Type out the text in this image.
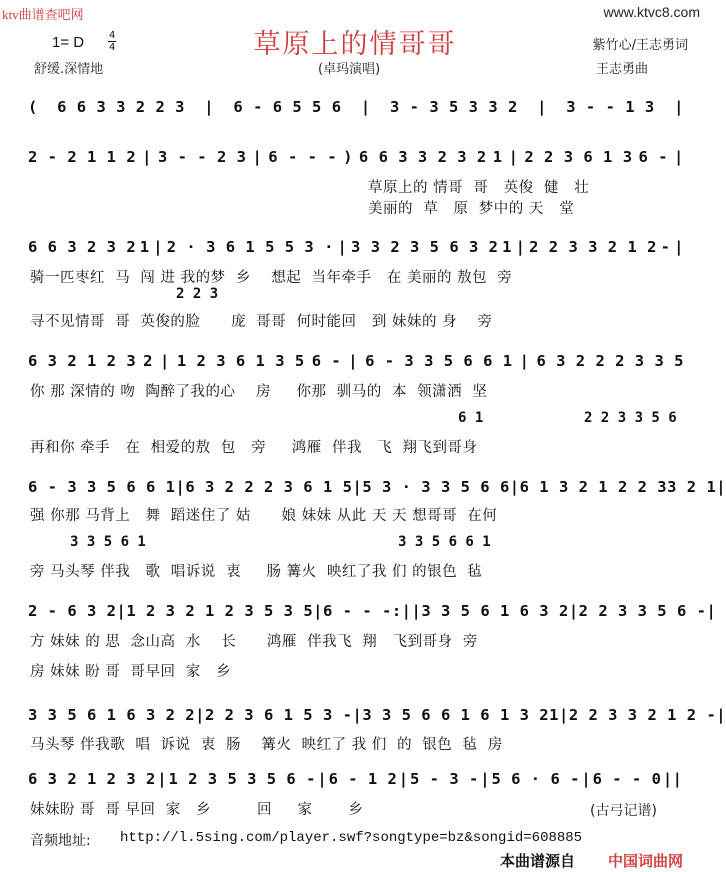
ktv曲谱查吧网	www.ktvc8.com
草原上的情哥哥
1= D $\frac{4}{4}$
舒缓.深情地	(卓玛演唱)
紫竹心/王志勇词
王志勇曲
( 6 6 3 3 2 2 3 | 6 - 6 5 5 6 | 3 - 3 5 3 3 2 | 3 - - 1 3 |
2 - 2 1 1 2 | 3 - - 2 3 | 6 - - - ) 6 6 3 3 2 3 2 1 | 2 2 3 6 1 3 6 - |
草原上的 情哥  哥   英俊  健   壮
美丽的  草   原  梦中的 天   堂
6 6 3 2 3 2 1 | 2 · 3 6 1 5 5 3 · | 3 3 2 3 5 6 3 2 1 | 2 2 3 3 2 1 2 - |
骑一匹枣红  马  闯 进 我的梦  乡    想起  当年牵手   在 美丽的 敖包  旁
2 2 3
寻不见情哥  哥  英俊的脸      庞  哥哥  何时能回   到 妹妹的 身    旁
6 3 2 1 2 3 2 | 1 2 3 6 1 3 5 6 - | 6 - 3 3 5 6 6 1 | 6 3 2 2 2 3 3 5
你 那 深情的 吻  陶醉了我的心    房     你那  驯马的  本  领潇洒  坚
6 1	2 2 3 3 5 6
再和你 牵手   在  相爱的敖  包   旁     鸿雁  伴我   飞  翔飞到哥身
6 - 3 3 5 6 6 1 | 6 3 2 2 2 3 6 1 5 | 5 3 · 3 3 5 6 6 | 6 1 3 2 1 2 2 3 3 2 1 |
强 你那 马背上   舞  蹈迷住了 姑      娘 妹妹 从此 天 天 想哥哥  在何
3 3 5 6 1	3 3 5 6 6 1
旁 马头琴 伴我   歌  唱诉说  衷     肠 篝火  映红了我 们 的银色  毡
2 - 6 3 2 | 1 2 3 2 1 2 3 5 3 5 | 6 - - - :|| 3 3 5 6 1 6 3 2 | 2 2 3 3 5 6 - |
方 妹妹 的 思  念山高  水    长      鸿雁  伴我飞  翔   飞到哥身  旁
房 妹妹 盼 哥  哥早回  家   乡
3 3 5 6 1 6 3 2 2 | 2 2 3 6 1 5 3 - | 3 3 5 6 6 1 6 1 3 2 1 | 2 2 3 3 2 1 2 - |
马头琴 伴我歌  唱  诉说  衷  肠    篝火  映红了 我 们  的  银色  毡  房
6 3 2 1 2 3 2 | 1 2 3 5 3 5 6 - | 6 - 1 2 | 5 - 3 - | 5 6 · 6 - | 6 - - 0 ||
妹妹盼 哥  哥 早回  家   乡         回     家       乡	(古弓记谱)
音频地址: http://l.5sing.com/player.swf?songtype=bz&songid=608885
本曲谱源自 中国词曲网
